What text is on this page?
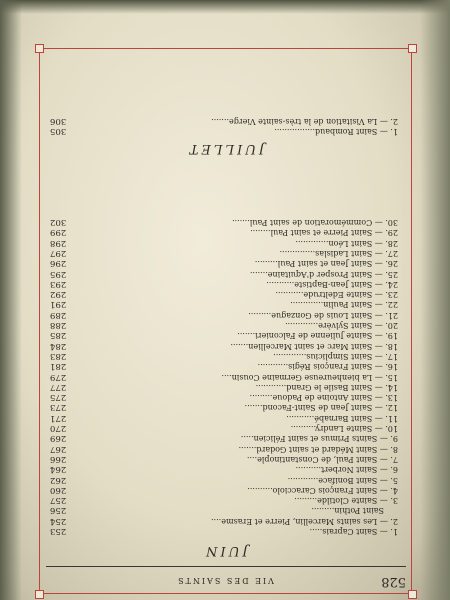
528
VIE DES SAINTS
JUIN
1. — Saint Caprais.....
253
2. — Les saints Marcellin, Pierre et Erasme....
254
Saint Pothin.........
256
3. — Sainte Clotilde.........
257
4. — Saint François Caracciolo..........
260
5. — Saint Boniface............
262
6. — Saint Norbert..........
264
7. — Saint Paul, de Constantinople....
266
8. — Saint Médard et saint Godard.......
267
9. — Saints Primus et saint Félicien.....
269
10. — Sainte Landry..........
270
11. — Saint Barnabé...........
271
12. — Saint Jean de Saint-Facond.......
273
13. — Saint Antoine de Padoue.........
275
14. — Saint Basile le Grand............
277
15. — La bienheureuse Germaine Cousin....
279
16. — Saint François Régis............
281
17. — Saint Simplicius.............
283
18. — Saint Marc et saint Marcellien.......
284
19. — Sainte Julienne de Falconieri.......
285
20. — Saint Sylvère.............
288
21. — Saint Louis de Gonzague.........
289
22. — Saint Paulin.............
291
23. — Sainte Edeltrude...........
292
24. — Saint Jean-Baptiste...........
293
25. — Saint Prosper d'Aquitaine.......
295
26. — Saint Jean et saint Paul.........
296
27. — Saint Ladislas..............
297
28. — Saint Léon.............
298
29. — Saint Pierre et saint Paul........
299
30. — Commémoration de saint Paul.......
302
JUILLET
1. — Saint Rombaud................
305
2. — La Visitation de la très-sainte Vierge.......
306
